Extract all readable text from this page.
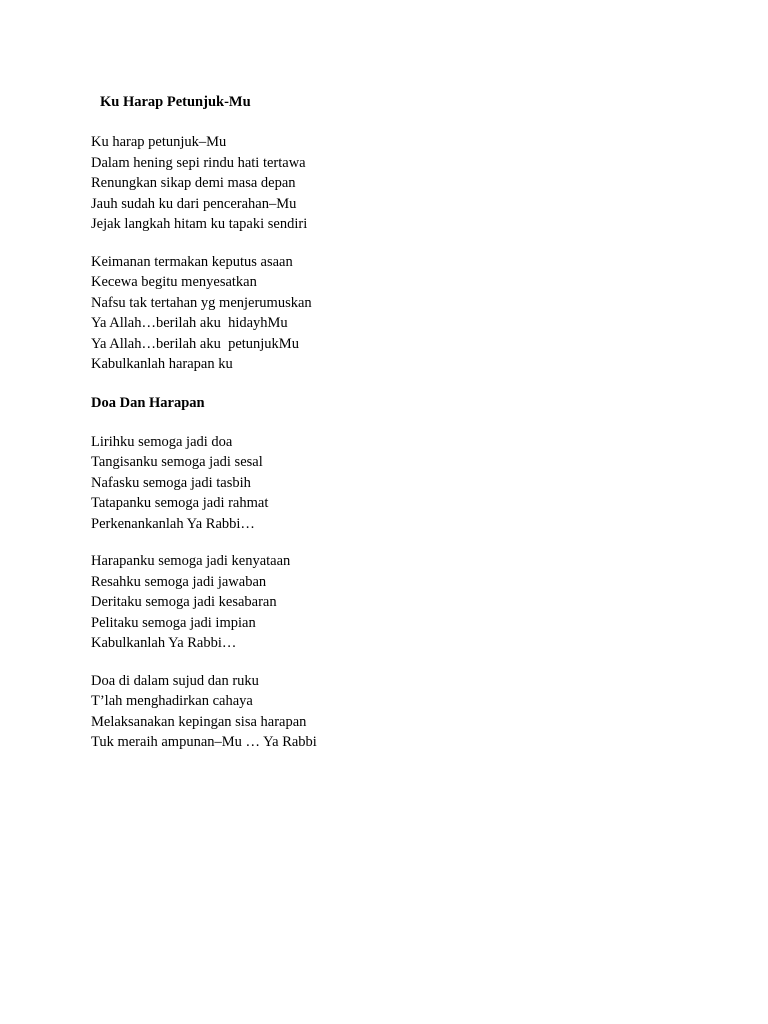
Ku Harap Petunjuk-Mu
Ku harap petunjuk–Mu
Dalam hening sepi rindu hati tertawa
Renungkan sikap demi masa depan
Jauh sudah ku dari pencerahan–Mu
Jejak langkah hitam ku tapaki sendiri
Keimanan termakan keputus asaan
Kecewa begitu menyesatkan
Nafsu tak tertahan yg menjerumuskan
Ya Allah…berilah aku  hidayhMu
Ya Allah…berilah aku  petunjukMu
Kabulkanlah harapan ku
Doa Dan Harapan
Lirihku semoga jadi doa
Tangisanku semoga jadi sesal
Nafasku semoga jadi tasbih
Tatapanku semoga jadi rahmat
Perkenankanlah Ya Rabbi…
Harapanku semoga jadi kenyataan
Resahku semoga jadi jawaban
Deritaku semoga jadi kesabaran
Pelitaku semoga jadi impian
Kabulkanlah Ya Rabbi…
Doa di dalam sujud dan ruku
T’lah menghadirkan cahaya
Melaksanakan kepingan sisa harapan
Tuk meraih ampunan–Mu … Ya Rabbi
